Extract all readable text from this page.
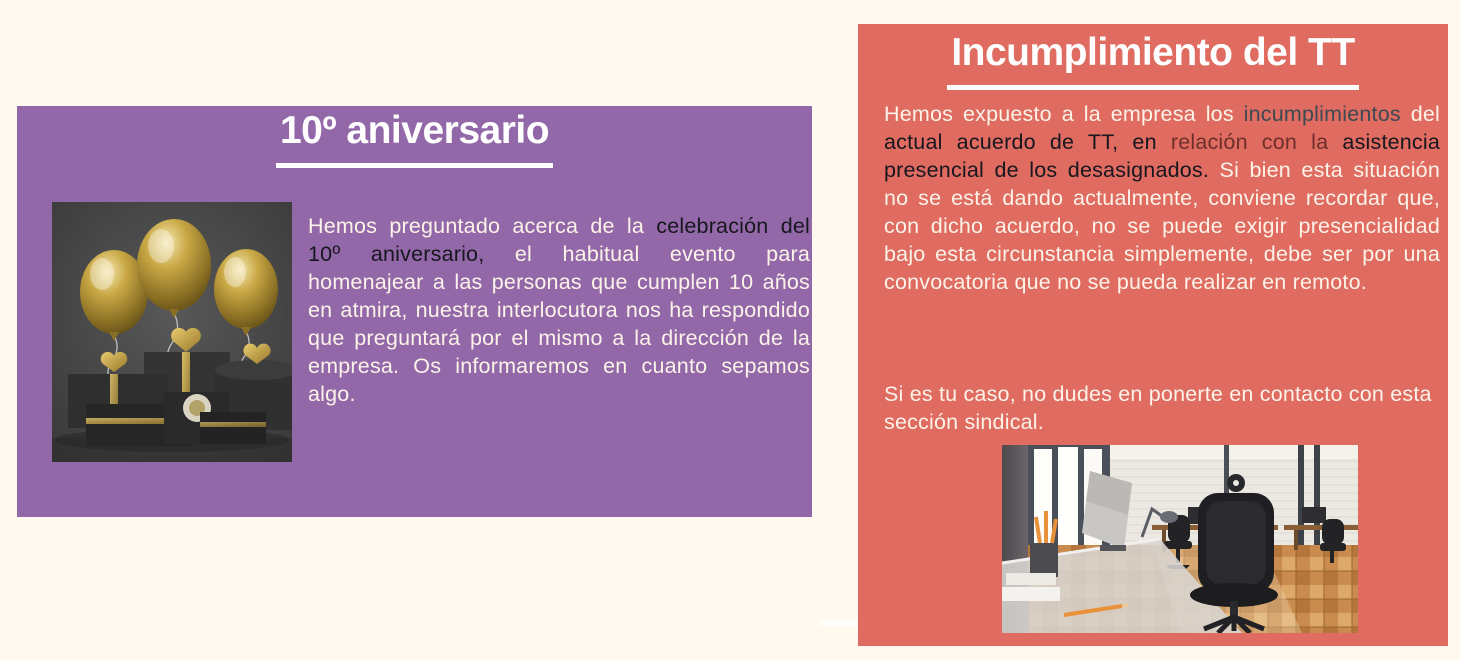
10º aniversario

Hemos preguntado acerca de la celebración del 10º aniversario, el habitual evento para homenajear a las personas que cumplen 10 años en atmira, nuestra interlocutora nos ha respondido que preguntará por el mismo a la dirección de la empresa. Os informaremos en cuanto sepamos algo.

Incumplimiento del TT

Hemos expuesto a la empresa los incumplimientos del actual acuerdo de TT, en relación con la asistencia presencial de los desasignados. Si bien esta situación no se está dando actualmente, conviene recordar que, con dicho acuerdo, no se puede exigir presencialidad bajo esta circunstancia simplemente, debe ser por una convocatoria que no se pueda realizar en remoto.

Si es tu caso, no dudes en ponerte en contacto con esta sección sindical.
